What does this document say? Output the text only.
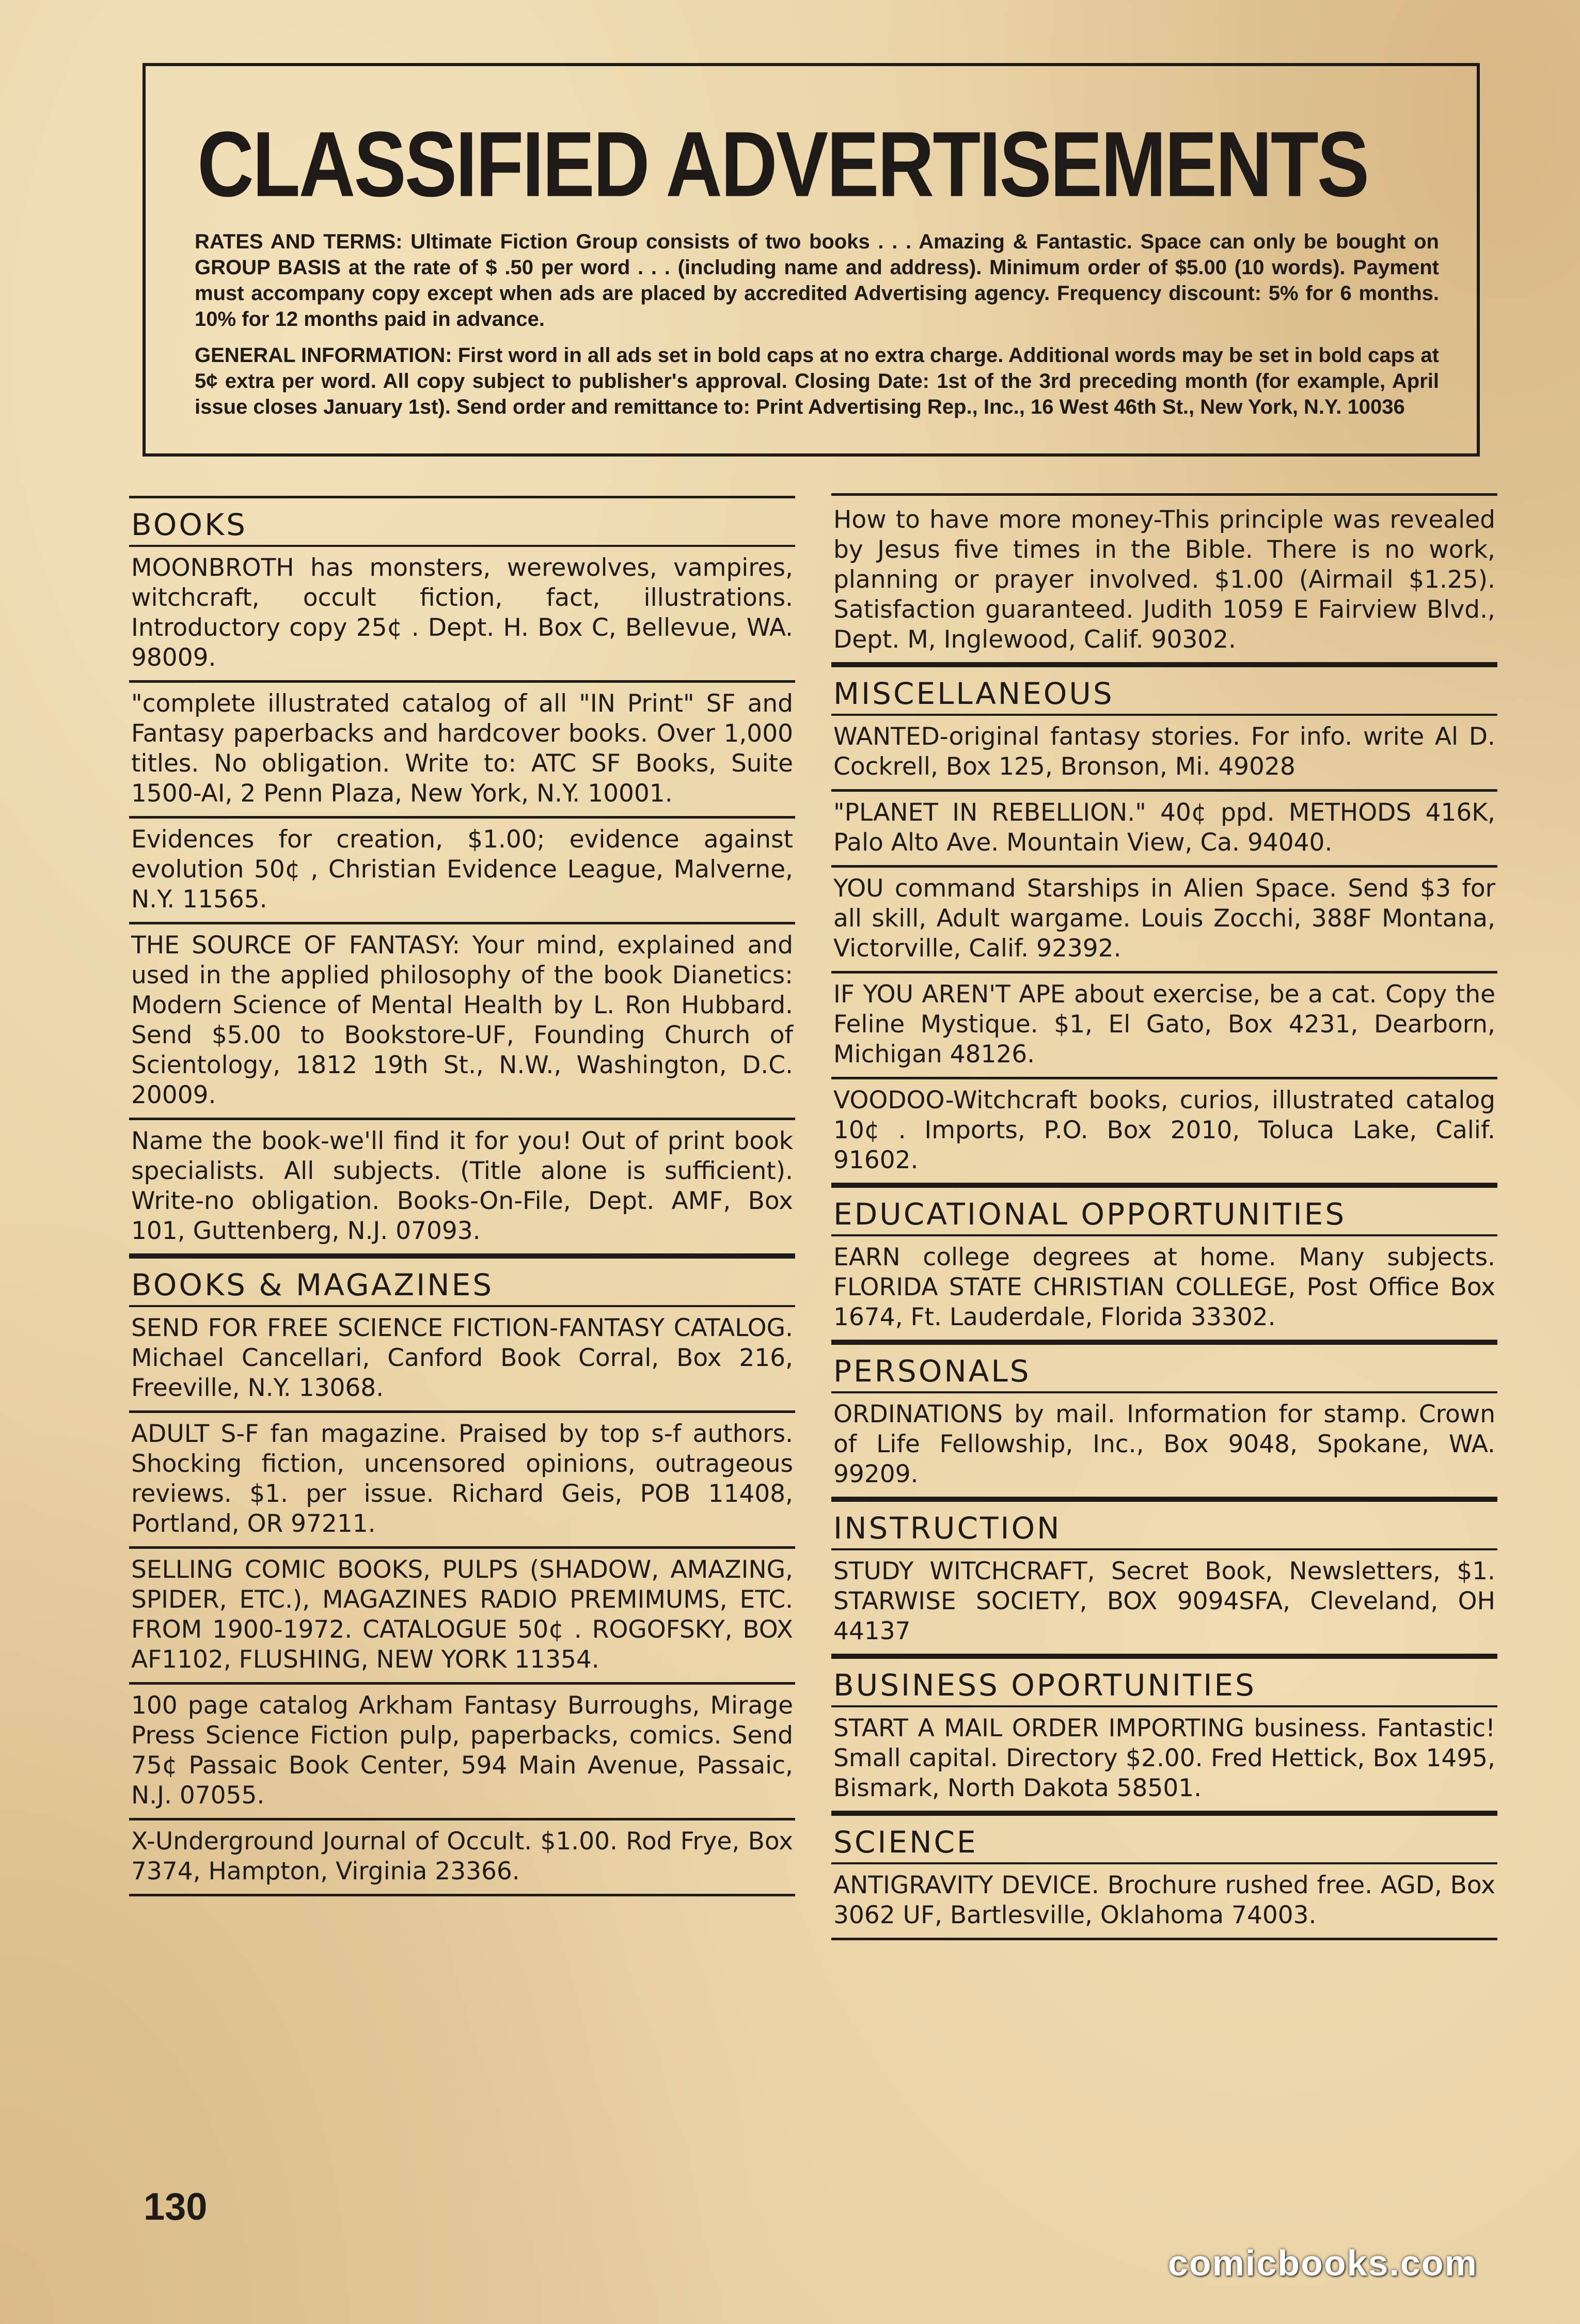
CLASSIFIED ADVERTISEMENTS

RATES AND TERMS: Ultimate Fiction Group consists of two books . . . Amazing & Fantastic. Space can only be bought on GROUP BASIS at the rate of $ .50 per word . . . (including name and address). Minimum order of $5.00 (10 words). Payment must accompany copy except when ads are placed by accredited Advertising agency. Frequency discount: 5% for 6 months. 10% for 12 months paid in advance.

GENERAL INFORMATION: First word in all ads set in bold caps at no extra charge. Additional words may be set in bold caps at 5¢ extra per word. All copy subject to publisher's approval. Closing Date: 1st of the 3rd preceding month (for example, April issue closes January 1st). Send order and remittance to: Print Advertising Rep., Inc., 16 West 46th St., New York, N.Y. 10036

BOOKS
MOONBROTH has monsters, werewolves, vampires, witchcraft, occult fiction, fact, illustrations. Introductory copy 25¢ . Dept. H. Box C, Bellevue, WA. 98009.
"complete illustrated catalog of all "IN Print" SF and Fantasy paperbacks and hardcover books. Over 1,000 titles. No obligation. Write to: ATC SF Books, Suite 1500-AI, 2 Penn Plaza, New York, N.Y. 10001.
Evidences for creation, $1.00; evidence against evolution 50¢ , Christian Evidence League, Malverne, N.Y. 11565.
THE SOURCE OF FANTASY: Your mind, explained and used in the applied philosophy of the book Dianetics: Modern Science of Mental Health by L. Ron Hubbard. Send $5.00 to Bookstore-UF, Founding Church of Scientology, 1812 19th St., N.W., Washington, D.C. 20009.
Name the book-we'll find it for you! Out of print book specialists. All subjects. (Title alone is sufficient). Write-no obligation. Books-On-File, Dept. AMF, Box 101, Guttenberg, N.J. 07093.
BOOKS & MAGAZINES
SEND FOR FREE SCIENCE FICTION-FANTASY CATALOG. Michael Cancellari, Canford Book Corral, Box 216, Freeville, N.Y. 13068.
ADULT S-F fan magazine. Praised by top s-f authors. Shocking fiction, uncensored opinions, outrageous reviews. $1. per issue. Richard Geis, POB 11408, Portland, OR 97211.
SELLING COMIC BOOKS, PULPS (SHADOW, AMAZING, SPIDER, ETC.), MAGAZINES RADIO PREMIMUMS, ETC. FROM 1900-1972. CATALOGUE 50¢ . ROGOFSKY, BOX AF1102, FLUSHING, NEW YORK 11354.
100 page catalog Arkham Fantasy Burroughs, Mirage Press Science Fiction pulp, paperbacks, comics. Send 75¢ Passaic Book Center, 594 Main Avenue, Passaic, N.J. 07055.
X-Underground Journal of Occult. $1.00. Rod Frye, Box 7374, Hampton, Virginia 23366.
How to have more money-This principle was revealed by Jesus five times in the Bible. There is no work, planning or prayer involved. $1.00 (Airmail $1.25). Satisfaction guaranteed. Judith 1059 E Fairview Blvd., Dept. M, Inglewood, Calif. 90302.
MISCELLANEOUS
WANTED-original fantasy stories. For info. write Al D. Cockrell, Box 125, Bronson, Mi. 49028
"PLANET IN REBELLION." 40¢ ppd. METHODS 416K, Palo Alto Ave. Mountain View, Ca. 94040.
YOU command Starships in Alien Space. Send $3 for all skill, Adult wargame. Louis Zocchi, 388F Montana, Victorville, Calif. 92392.
IF YOU AREN'T APE about exercise, be a cat. Copy the Feline Mystique. $1, El Gato, Box 4231, Dearborn, Michigan 48126.
VOODOO-Witchcraft books, curios, illustrated catalog 10¢ . Imports, P.O. Box 2010, Toluca Lake, Calif. 91602.
EDUCATIONAL OPPORTUNITIES
EARN college degrees at home. Many subjects. FLORIDA STATE CHRISTIAN COLLEGE, Post Office Box 1674, Ft. Lauderdale, Florida 33302.
PERSONALS
ORDINATIONS by mail. Information for stamp. Crown of Life Fellowship, Inc., Box 9048, Spokane, WA. 99209.
INSTRUCTION
STUDY WITCHCRAFT, Secret Book, Newsletters, $1. STARWISE SOCIETY, BOX 9094SFA, Cleveland, OH 44137
BUSINESS OPORTUNITIES
START A MAIL ORDER IMPORTING business. Fantastic! Small capital. Directory $2.00. Fred Hettick, Box 1495, Bismark, North Dakota 58501.
SCIENCE
ANTIGRAVITY DEVICE. Brochure rushed free. AGD, Box 3062 UF, Bartlesville, Oklahoma 74003.
130
comicbooks.com
